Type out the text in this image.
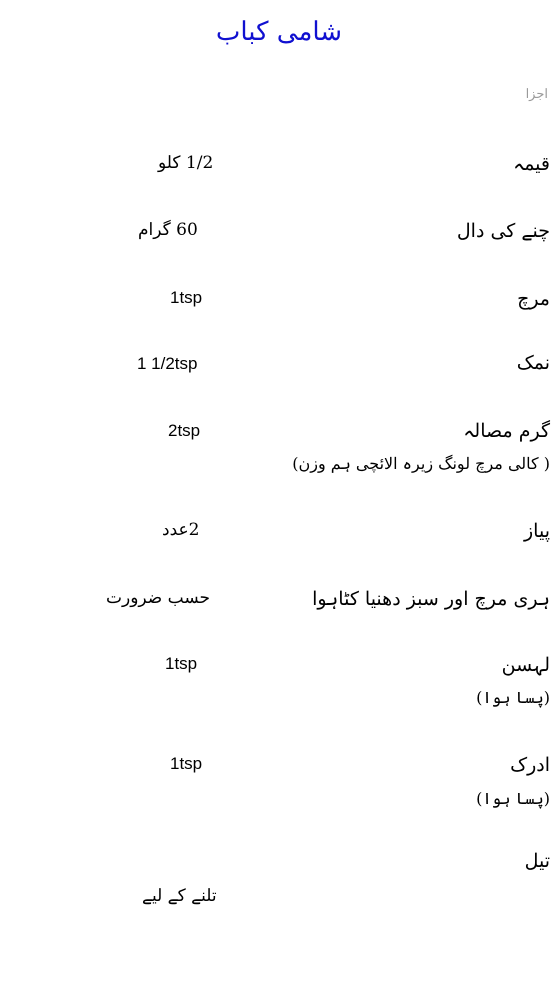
شامی کباب
اجزا
قیمہ
1/2 کلو
چنے کی دال
60 گرام
مرچ
1tsp
نمک
1 1/2tsp
گرم مصالہ
( کالی مرچ لونگ زیرہ الائچی ہم وزن)
2tsp
پیاز
2عدد
ہری مرچ اور سبز دھنیا کٹاہوا
حسب ضرورت
لہسن
(پسا ہوا)
1tsp
ادرک
(پسا ہوا)
1tsp
تیل
تلنے کے لیے
